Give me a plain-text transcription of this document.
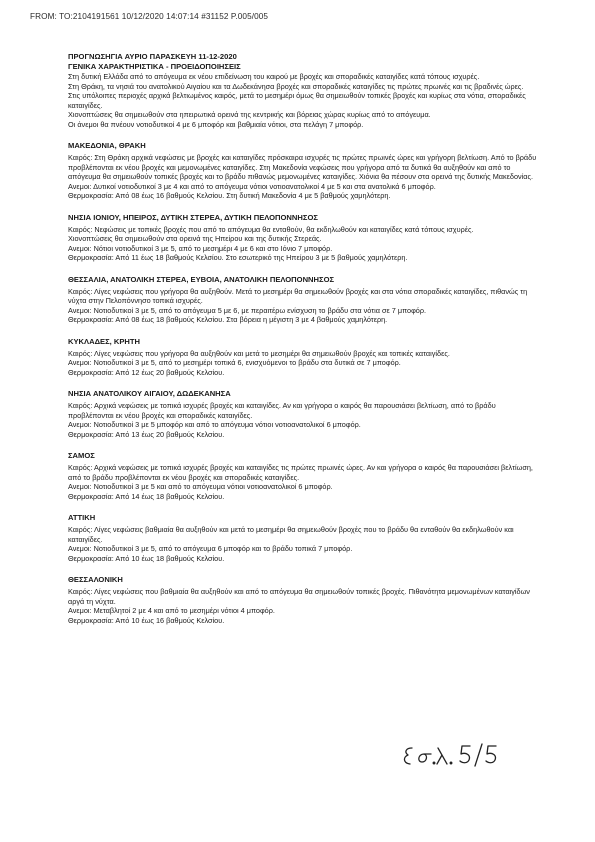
FROM: TO:2104191561 10/12/2020 14:07:14 #31152 P.005/005
ΠΡΟΓΝΩΣΗΓΙΑ ΑΥΡΙΟ ΠΑΡΑΣΚΕΥΗ 11-12-2020
ΓΕΝΙΚΑ ΧΑΡΑΚΤΗΡΙΣΤΙΚΑ - ΠΡΟΕΙΔΟΠΟΙΗΣΕΙΣ
Στη δυτική Ελλάδα από το απόγευμα εκ νέου επιδείνωση του καιρού με βροχές και σποραδικές καταιγίδες κατά τόπους ισχυρές.
Στη Θράκη, τα νησιά του ανατολικού Αιγαίου και τα Δωδεκάνησα βροχές και σποραδικές καταιγίδες τις πρώτες πρωινές και τις βραδινές ώρες.
Στις υπόλοιπες περιοχές αρχικά βελτιωμένος καιρός, μετά το μεσημέρι όμως θα σημειωθούν τοπικές βροχές και κυρίως στα νότια, σποραδικές καταιγίδες.
Χιονοπτώσεις θα σημειωθούν στα ηπειρωτικά ορεινά της κεντρικής και βόρειας χώρας κυρίως από το απόγευμα.
Οι άνεμοι θα πνέουν νοτιοδυτικοί 4 με 6 μποφόρ και βαθμιαία νότιοι, στα πελάγη 7 μποφόρ.
ΜΑΚΕΔΟΝΙΑ, ΘΡΑΚΗ
Καιρός: Στη Θράκη αρχικά νεφώσεις με βροχές και καταιγίδες πρόσκαιρα ισχυρές τις πρώτες πρωινές ώρες και γρήγορη βελτίωση. Από το βράδυ προβλέπονται εκ νέου βροχές και μεμονωμένες καταιγίδες. Στη Μακεδονία νεφώσεις που γρήγορα από τα δυτικά θα αυξηθούν και από το απόγευμα θα σημειωθούν τοπικές βροχές και το βράδυ πιθανώς μεμονωμένες καταιγίδες. Χιόνια θα πέσουν στα ορεινά της δυτικής Μακεδονίας.
Ανεμοι: Δυτικοί νοτιοδυτικοί 3 με 4 και από το απόγευμα νότιοι νοτιοανατολικοί 4 με 5 και στα ανατολικά 6 μποφόρ.
Θερμοκρασία: Από 08 έως 16 βαθμούς Κελσίου. Στη δυτική Μακεδονία 4 με 5 βαθμούς χαμηλότερη.
ΝΗΣΙΑ ΙΟΝΙΟΥ, ΗΠΕΙΡΟΣ, ΔΥΤΙΚΗ ΣΤΕΡΕΑ, ΔΥΤΙΚΗ ΠΕΛΟΠΟΝΝΗΣΟΣ
Καιρός: Νεφώσεις με τοπικές βροχές που από το απόγευμα θα ενταθούν, θα εκδηλωθούν και καταιγίδες κατά τόπους ισχυρές.
Χιονοπτώσεις θα σημειωθούν στα ορεινά της Ηπείρου και της δυτικής Στερεάς.
Ανεμοι: Νότιοι νοτιοδυτικοί 3 με 5, από το μεσημέρι 4 με 6 και στο Ιόνιο 7 μποφόρ.
Θερμοκρασία: Από 11 έως 18 βαθμούς Κελσίου. Στο εσωτερικό της Ηπείρου 3 με 5 βαθμούς χαμηλότερη.
ΘΕΣΣΑΛΙΑ, ΑΝΑΤΟΛΙΚΗ ΣΤΕΡΕΑ, ΕΥΒΟΙΑ, ΑΝΑΤΟΛΙΚΗ ΠΕΛΟΠΟΝΝΗΣΟΣ
Καιρός: Λίγες νεφώσεις που γρήγορα θα αυξηθούν. Μετά το μεσημέρι θα σημειωθούν βροχές και στα νότια σποραδικές καταιγίδες, πιθανώς τη νύχτα στην Πελοπόννησο τοπικά ισχυρές.
Ανεμοι: Νοτιοδυτικοί 3 με 5, από το απόγευμα 5 με 6, με περαιτέρω ενίσχυση το βράδυ στα νότια σε 7 μποφόρ.
Θερμοκρασία: Από 08 έως 18 βαθμούς Κελσίου. Στα βόρεια η μέγιστη 3 με 4 βαθμούς χαμηλότερη.
ΚΥΚΛΑΔΕΣ, ΚΡΗΤΗ
Καιρός: Λίγες νεφώσεις που γρήγορα θα αυξηθούν και μετά το μεσημέρι θα σημειωθούν βροχές και τοπικές καταιγίδες.
Ανεμοι: Νοτιοδυτικοί 3 με 5, από το μεσημέρι τοπικά 6, ενισχυόμενοι το βράδυ στα δυτικά σε 7 μποφόρ.
Θερμοκρασία: Από 12 έως 20 βαθμούς Κελσίου.
ΝΗΣΙΑ ΑΝΑΤΟΛΙΚΟΥ ΑΙΓΑΙΟΥ, ΔΩΔΕΚΑΝΗΣΑ
Καιρός: Αρχικά νεφώσεις με τοπικά ισχυρές βροχές και καταιγίδες. Αν και γρήγορα ο καιρός θα παρουσιάσει βελτίωση, από το βράδυ προβλέπονται εκ νέου βροχές και σποραδικές καταιγίδες.
Ανεμοι: Νοτιοδυτικοί 3 με 5 μποφόρ και από το απόγευμα νότιοι νοτιοανατολικοί 6 μποφόρ.
Θερμοκρασία: Από 13 έως 20 βαθμούς Κελσίου.
ΣΑΜΟΣ
Καιρός: Αρχικά νεφώσεις με τοπικά ισχυρές βροχές και καταιγίδες τις πρώτες πρωινές ώρες. Αν και γρήγορα ο καιρός θα παρουσιάσει βελτίωση, από το βράδυ προβλέπονται εκ νέου βροχές και σποραδικές καταιγίδες.
Ανεμοι: Νοτιοδυτικοί 3 με 5 και από το απόγευμα νότιοι νοτιοανατολικοί 6 μποφόρ.
Θερμοκρασία: Από 14 έως 18 βαθμούς Κελσίου.
ΑΤΤΙΚΗ
Καιρός: Λίγες νεφώσεις βαθμιαία θα αυξηθούν και μετά το μεσημέρι θα σημειωθούν βροχές που το βράδυ θα ενταθούν θα εκδηλωθούν και καταιγίδες.
Ανεμοι: Νοτιοδυτικοί 3 με 5, από το απόγευμα 6 μποφόρ και το βράδυ τοπικά 7 μποφόρ.
Θερμοκρασία: Από 10 έως 18 βαθμούς Κελσίου.
ΘΕΣΣΑΛΟΝΙΚΗ
Καιρός: Λίγες νεφώσεις που βαθμιαία θα αυξηθούν και από το απόγευμα θα σημειωθούν τοπικές βροχές. Πιθανότητα μεμονωμένων καταιγίδων αργά τη νύχτα.
Ανεμοι: Μεταβλητοί 2 με 4 και από το μεσημέρι νότιοι 4 μποφόρ.
Θερμοκρασία: Από 10 έως 16 βαθμούς Κελσίου.
